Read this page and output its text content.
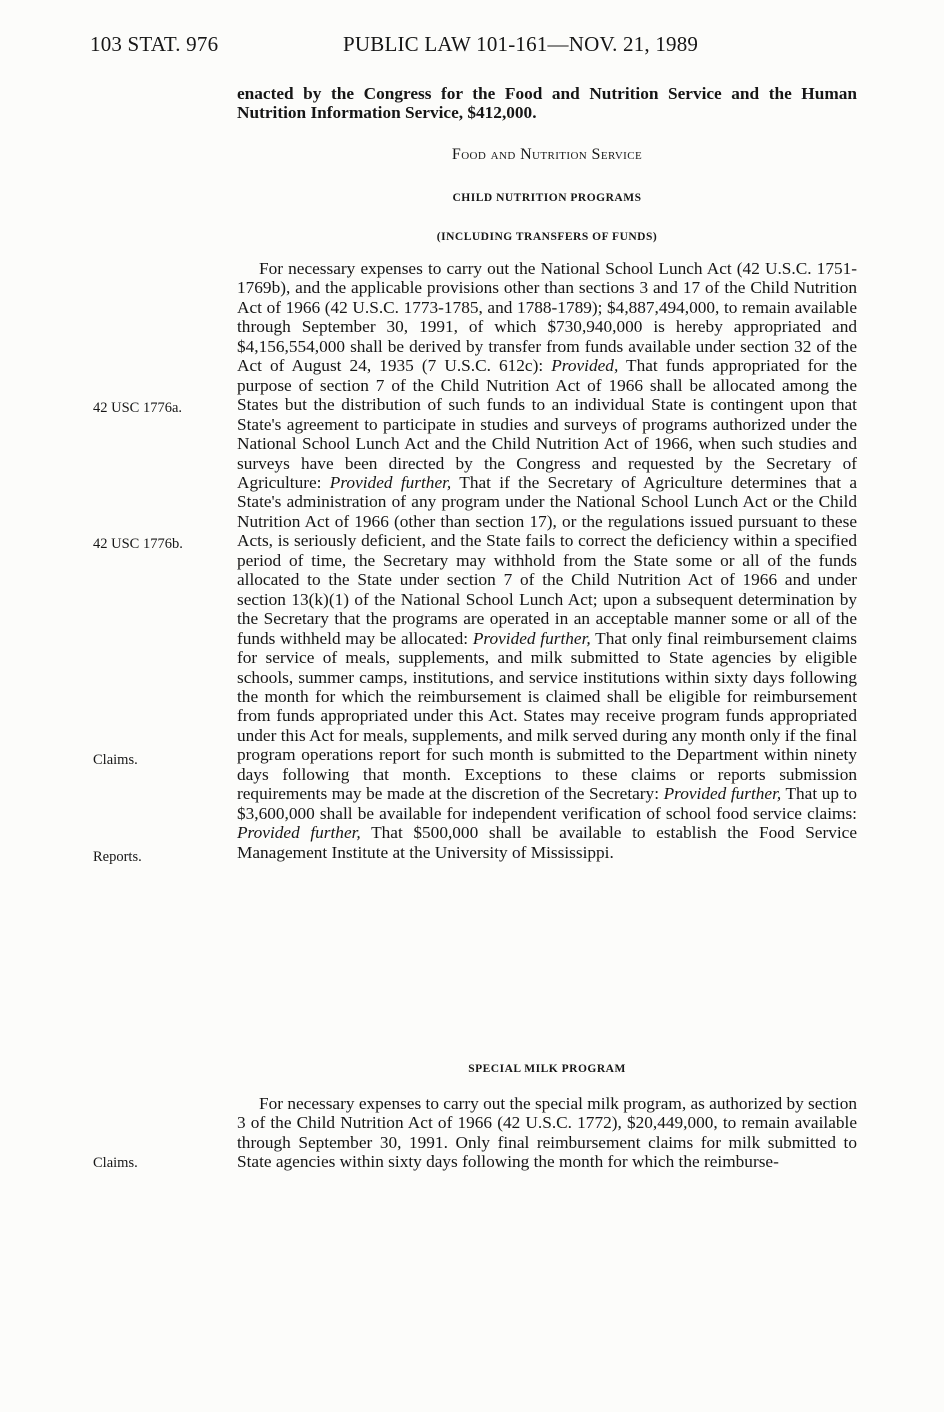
103 STAT. 976	PUBLIC LAW 101-161—NOV. 21, 1989

enacted by the Congress for the Food and Nutrition Service and the Human Nutrition Information Service, $412,000.

Food and Nutrition Service
CHILD NUTRITION PROGRAMS
(INCLUDING TRANSFERS OF FUNDS)

For necessary expenses to carry out the National School Lunch Act (42 U.S.C. 1751-1769b), and the applicable provisions other than sections 3 and 17 of the Child Nutrition Act of 1966 (42 U.S.C. 1773-1785, and 1788-1789); $4,887,494,000, to remain available through September 30, 1991, of which $730,940,000 is hereby appropriated and $4,156,554,000 shall be derived by transfer from funds available under section 32 of the Act of August 24, 1935 (7 U.S.C. 612c): Provided, That funds appropriated for the purpose of section 7 of the Child Nutrition Act of 1966 shall be allocated among the States but the distribution of such funds to an individual State is contingent upon that State's agreement to participate in studies and surveys of programs authorized under the National School Lunch Act and the Child Nutrition Act of 1966, when such studies and surveys have been directed by the Congress and requested by the Secretary of Agriculture: Provided further, That if the Secretary of Agriculture determines that a State's administration of any program under the National School Lunch Act or the Child Nutrition Act of 1966 (other than section 17), or the regulations issued pursuant to these Acts, is seriously deficient, and the State fails to correct the deficiency within a specified period of time, the Secretary may withhold from the State some or all of the funds allocated to the State under section 7 of the Child Nutrition Act of 1966 and under section 13(k)(1) of the National School Lunch Act; upon a subsequent determination by the Secretary that the programs are operated in an acceptable manner some or all of the funds withheld may be allocated: Provided further, That only final reimbursement claims for service of meals, supplements, and milk submitted to State agencies by eligible schools, summer camps, institutions, and service institutions within sixty days following the month for which the reimbursement is claimed shall be eligible for reimbursement from funds appropriated under this Act. States may receive program funds appropriated under this Act for meals, supplements, and milk served during any month only if the final program operations report for such month is submitted to the Department within ninety days following that month. Exceptions to these claims or reports submission requirements may be made at the discretion of the Secretary: Provided further, That up to $3,600,000 shall be available for independent verification of school food service claims: Provided further, That $500,000 shall be available to establish the Food Service Management Institute at the University of Mississippi.

SPECIAL MILK PROGRAM

For necessary expenses to carry out the special milk program, as authorized by section 3 of the Child Nutrition Act of 1966 (42 U.S.C. 1772), $20,449,000, to remain available through September 30, 1991. Only final reimbursement claims for milk submitted to State agencies within sixty days following the month for which the reimburse-

42 USC 1776a.
42 USC 1776b.
Claims.
Reports.
Claims.
